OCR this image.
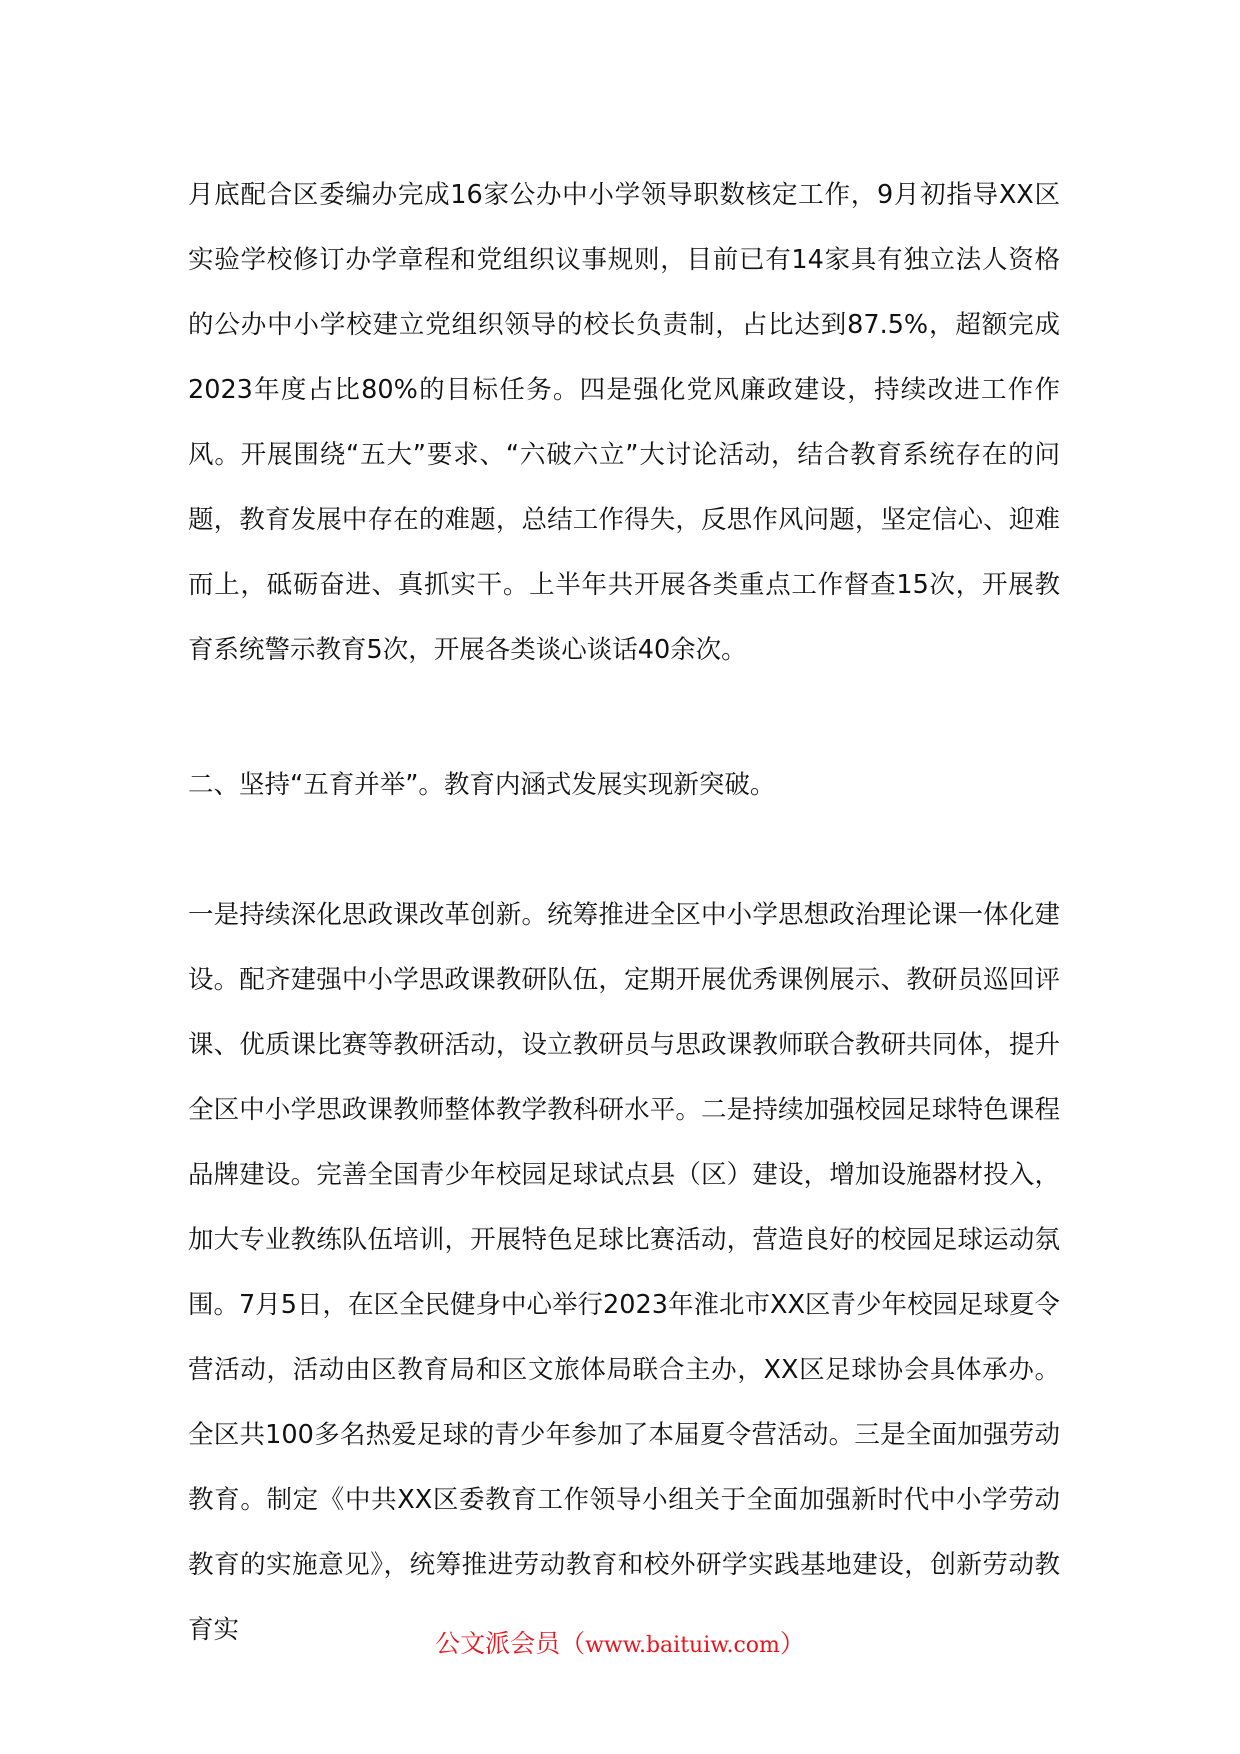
月底配合区委编办完成16家公办中小学领导职数核定工作，9月初指导XX区实验学校修订办学章程和党组织议事规则，目前已有14家具有独立法人资格的公办中小学校建立党组织领导的校长负责制，占比达到87.5%，超额完成2023年度占比80%的目标任务。四是强化党风廉政建设，持续改进工作作风。开展围绕“五大”要求、“六破六立”大讨论活动，结合教育系统存在的问题，教育发展中存在的难题，总结工作得失，反思作风问题，坚定信心、迎难而上，砥砺奋进、真抓实干。上半年共开展各类重点工作督查15次，开展教育系统警示教育5次，开展各类谈心谈话40余次。

二、坚持“五育并举”。教育内涵式发展实现新突破。

一是持续深化思政课改革创新。统筹推进全区中小学思想政治理论课一体化建设。配齐建强中小学思政课教研队伍，定期开展优秀课例展示、教研员巡回评课、优质课比赛等教研活动，设立教研员与思政课教师联合教研共同体，提升全区中小学思政课教师整体教学教科研水平。二是持续加强校园足球特色课程品牌建设。完善全国青少年校园足球试点县（区）建设，增加设施器材投入，加大专业教练队伍培训，开展特色足球比赛活动，营造良好的校园足球运动氛围。7月5日，在区全民健身中心举行2023年淮北市XX区青少年校园足球夏令营活动，活动由区教育局和区文旅体局联合主办，XX区足球协会具体承办。全区共100多名热爱足球的青少年参加了本届夏令营活动。三是全面加强劳动教育。制定《中共XX区委教育工作领导小组关于全面加强新时代中小学劳动教育的实施意见》，统筹推进劳动教育和校外研学实践基地建设，创新劳动教育实	公文派会员（www.baituiw.com）
